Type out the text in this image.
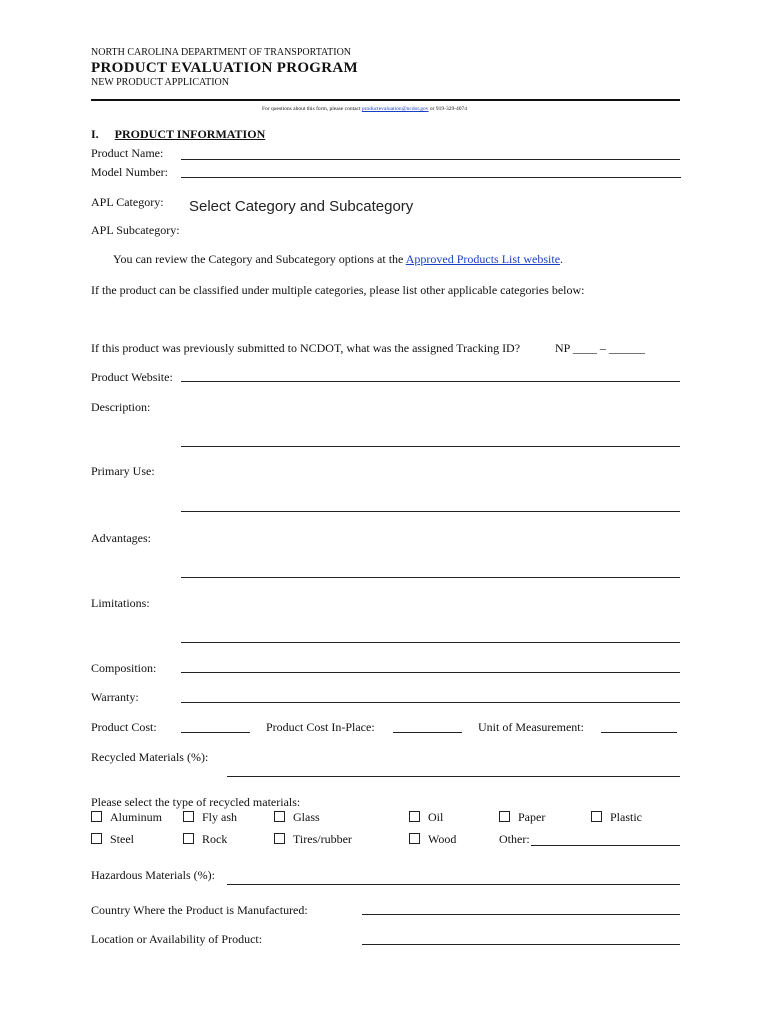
NORTH CAROLINA DEPARTMENT OF TRANSPORTATION
PRODUCT EVALUATION PROGRAM
NEW PRODUCT APPLICATION
For questions about this form, please contact productevaluation@ncdot.gov or 919-329-4074
I. PRODUCT INFORMATION
Product Name:
Model Number:
APL Category: Select Category and Subcategory
APL Subcategory:
You can review the Category and Subcategory options at the Approved Products List website.
If the product can be classified under multiple categories, please list other applicable categories below:
If this product was previously submitted to NCDOT, what was the assigned Tracking ID?	NP ____ – ______
Product Website:
Description:
Primary Use:
Advantages:
Limitations:
Composition:
Warranty:
Product Cost:	Product Cost In-Place:	Unit of Measurement:
Recycled Materials (%):
Please select the type of recycled materials:
Aluminum	Fly ash	Glass	Oil	Paper	Plastic
Steel	Rock	Tires/rubber	Wood	Other:
Hazardous Materials (%):
Country Where the Product is Manufactured:
Location or Availability of Product:
